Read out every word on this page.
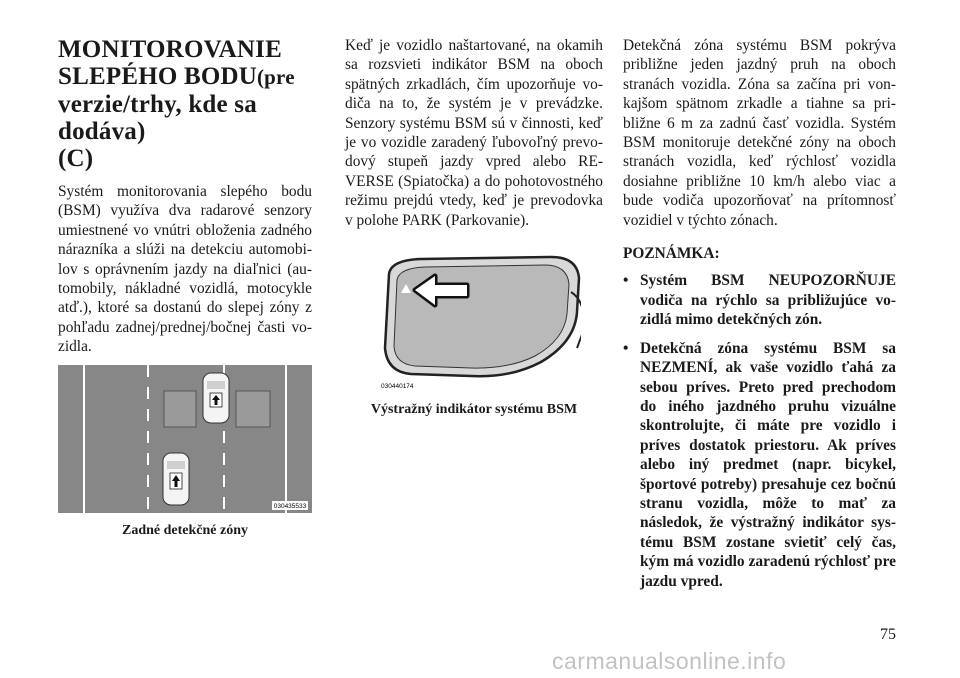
MONITOROVANIE
SLEPÉHO BODU(pre
verzie/trhy, kde sa dodáva)
(C)

Systém monitorovania slepého bodu (BSM) využíva dva radarové senzory umiestnené vo vnútri obloženia zadného nárazníka a slúži na detekciu automobilov s oprávnením jazdy na diaľnici (automobily, nákladné vozidlá, motocykle atď.), ktoré sa dostanú do slepej zóny z pohľadu zadnej/prednej/bočnej časti vozidla.

030435533
Zadné detekčné zóny

Keď je vozidlo naštartované, na okamih sa rozsvieti indikátor BSM na oboch spätných zrkadlách, čím upozorňuje vodiča na to, že systém je v prevádzke. Senzory systému BSM sú v činnosti, keď je vo vozidle zaradený ľubovoľný prevodový stupeň jazdy vpred alebo REVERSE (Spiatočka) a do pohotovostného režimu prejdú vtedy, keď je prevodovka v polohe PARK (Parkovanie).

030440174
Výstražný indikátor systému BSM

Detekčná zóna systému BSM pokrýva približne jeden jazdný pruh na oboch stranách vozidla. Zóna sa začína pri vonkajšom spätnom zrkadle a tiahne sa približne 6 m za zadnú časť vozidla. Systém BSM monitoruje detekčné zóny na oboch stranách vozidla, keď rýchlosť vozidla dosiahne približne 10 km/h alebo viac a bude vodiča upozorňovať na prítomnosť vozidiel v týchto zónach.

POZNÁMKA:
• Systém BSM NEUPOZORŇUJE vodiča na rýchlo sa približujúce vozidlá mimo detekčných zón.
• Detekčná zóna systému BSM sa NEZMENÍ, ak vaše vozidlo ťahá za sebou príves. Preto pred prechodom do iného jazdného pruhu vizuálne skontrolujte, či máte pre vozidlo i príves dostatok priestoru. Ak príves alebo iný predmet (napr. bicykel, športové potreby) presahuje cez bočnú stranu vozidla, môže to mať za následok, že výstražný indikátor systému BSM zostane svietiť celý čas, kým má vozidlo zaradenú rýchlosť pre jazdu vpred.
75
carmanualsonline.info
